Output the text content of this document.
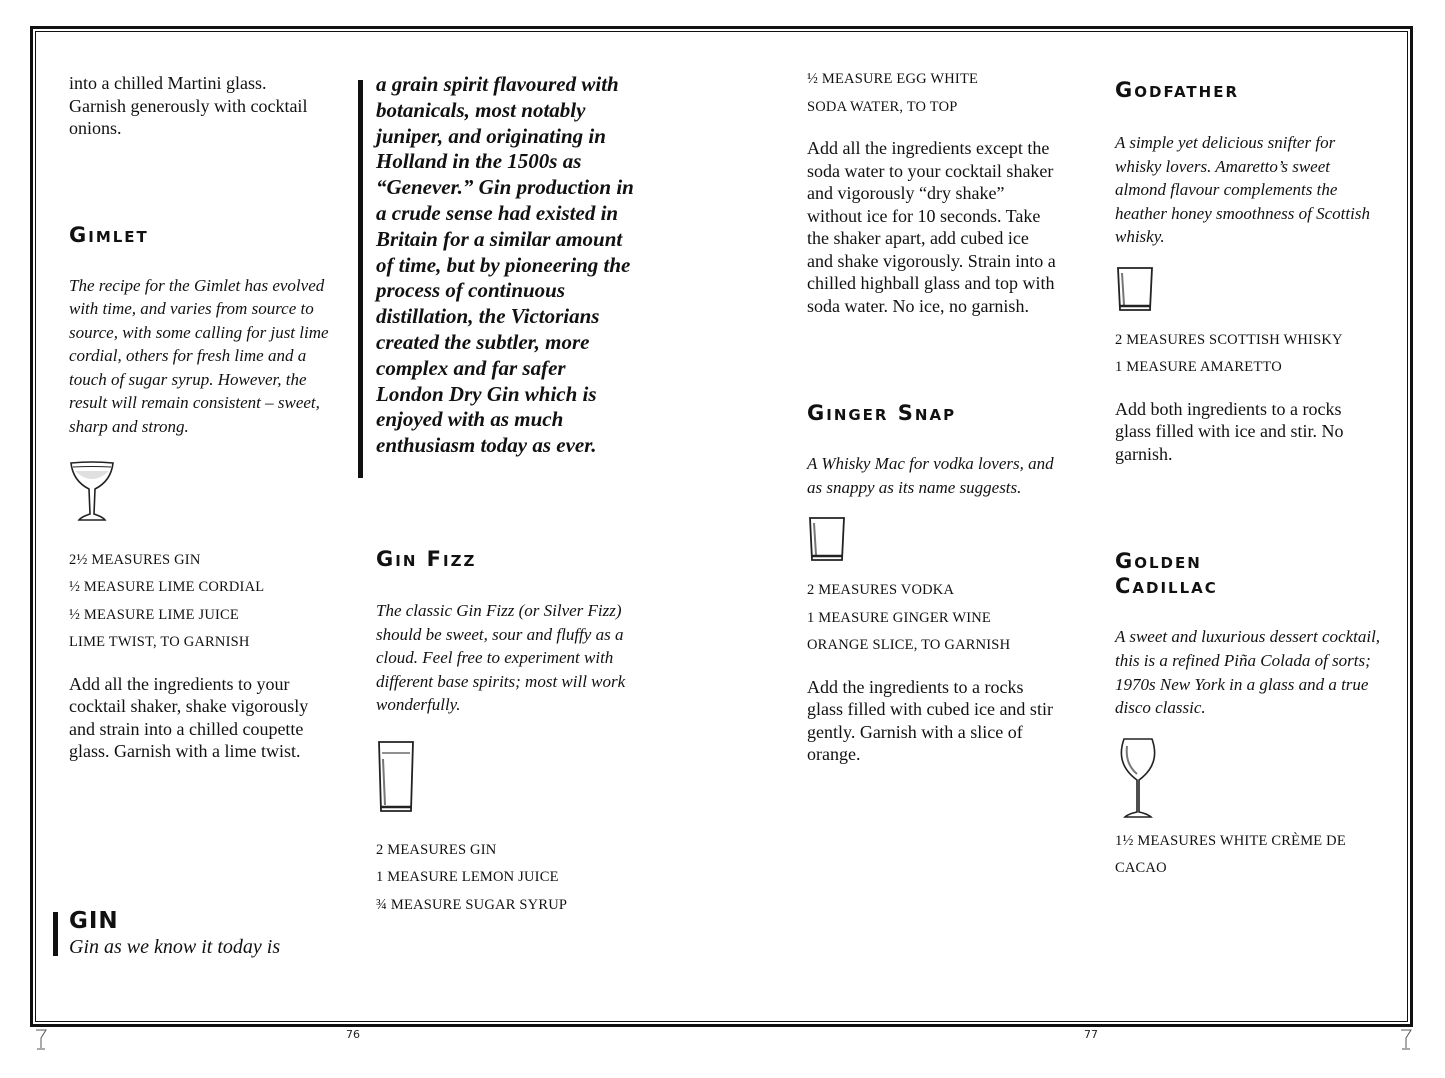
into a chilled Martini glass. Garnish generously with cocktail onions.

Gimlet

The recipe for the Gimlet has evolved with time, and varies from source to source, with some calling for just lime cordial, others for fresh lime and a touch of sugar syrup. However, the result will remain consistent – sweet, sharp and strong.

2½ MEASURES GIN
½ MEASURE LIME CORDIAL
½ MEASURE LIME JUICE
LIME TWIST, TO GARNISH

Add all the ingredients to your cocktail shaker, shake vigorously and strain into a chilled coupette glass. Garnish with a lime twist.

GIN

Gin as we know it today is

a grain spirit flavoured with botanicals, most notably juniper, and originating in Holland in the 1500s as “Genever.” Gin production in a crude sense had existed in Britain for a similar amount of time, but by pioneering the process of continuous distillation, the Victorians created the subtler, more complex and far safer London Dry Gin which is enjoyed with as much enthusiasm today as ever.

Gin Fizz

The classic Gin Fizz (or Silver Fizz) should be sweet, sour and fluffy as a cloud. Feel free to experiment with different base spirits; most will work wonderfully.

2 MEASURES GIN
1 MEASURE LEMON JUICE
¾ MEASURE SUGAR SYRUP
½ MEASURE EGG WHITE
SODA WATER, TO TOP

Add all the ingredients except the soda water to your cocktail shaker and vigorously “dry shake” without ice for 10 seconds. Take the shaker apart, add cubed ice and shake vigorously. Strain into a chilled highball glass and top with soda water. No ice, no garnish.

Ginger Snap

A Whisky Mac for vodka lovers, and as snappy as its name suggests.

2 MEASURES VODKA
1 MEASURE GINGER WINE
ORANGE SLICE, TO GARNISH

Add the ingredients to a rocks glass filled with cubed ice and stir gently. Garnish with a slice of orange.

Godfather

A simple yet delicious snifter for whisky lovers. Amaretto’s sweet almond flavour complements the heather honey smoothness of Scottish whisky.

2 MEASURES SCOTTISH WHISKY
1 MEASURE AMARETTO

Add both ingredients to a rocks glass filled with ice and stir. No garnish.

Golden Cadillac

A sweet and luxurious dessert cocktail, this is a refined Piña Colada of sorts; 1970s New York in a glass and a true disco classic.

1½ MEASURES WHITE CRÈME DE CACAO
76	77
